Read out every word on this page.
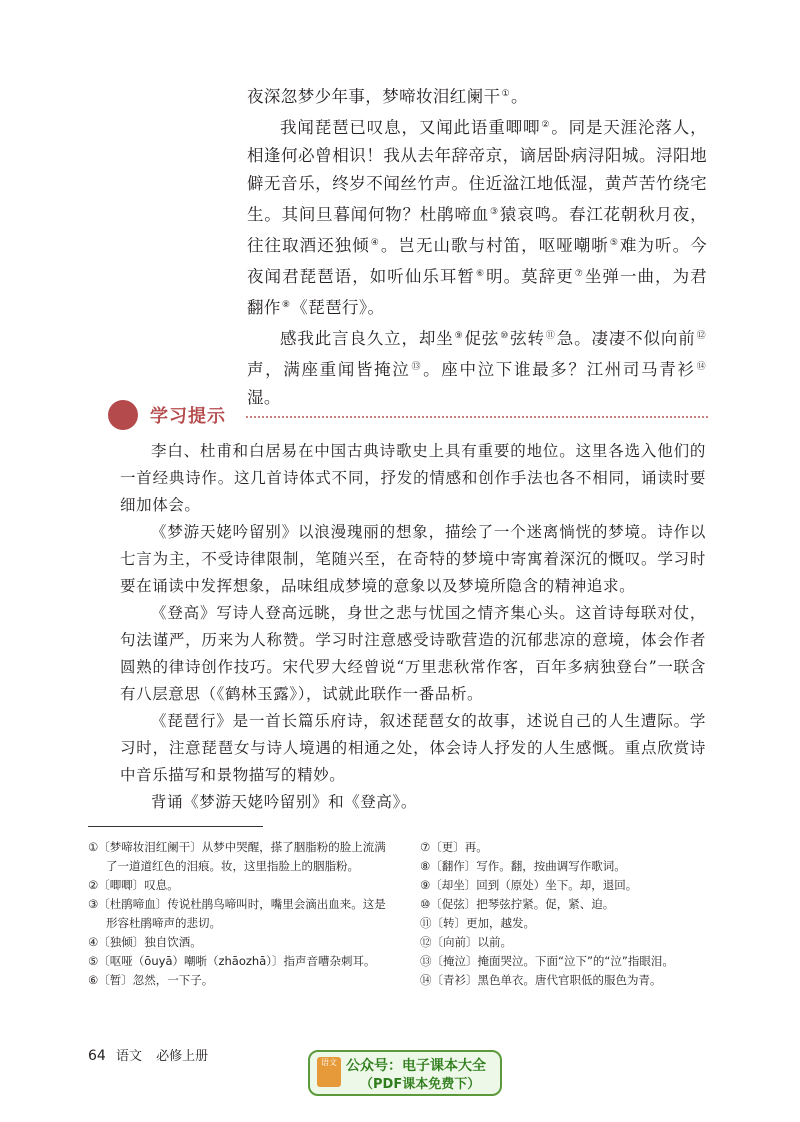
夜深忽梦少年事，梦啼妆泪红阑干①。

我闻琵琶已叹息，又闻此语重唧唧②。同是天涯沦落人，相逢何必曾相识！我从去年辞帝京，谪居卧病浔阳城。浔阳地僻无音乐，终岁不闻丝竹声。住近湓江地低湿，黄芦苦竹绕宅生。其间旦暮闻何物？杜鹃啼血③猿哀鸣。春江花朝秋月夜，往往取酒还独倾④。岂无山歌与村笛，呕哑嘲哳⑤难为听。今夜闻君琵琶语，如听仙乐耳暂⑥明。莫辞更⑦坐弹一曲，为君翻作⑧《琵琶行》。

感我此言良久立，却坐⑨促弦⑩弦转⑪急。凄凄不似向前⑫声，满座重闻皆掩泣⑬。座中泣下谁最多？江州司马青衫⑭湿。

学习提示

李白、杜甫和白居易在中国古典诗歌史上具有重要的地位。这里各选入他们的一首经典诗作。这几首诗体式不同，抒发的情感和创作手法也各不相同，诵读时要细加体会。

《梦游天姥吟留别》以浪漫瑰丽的想象，描绘了一个迷离惝恍的梦境。诗作以七言为主，不受诗律限制，笔随兴至，在奇特的梦境中寄寓着深沉的慨叹。学习时要在诵读中发挥想象，品味组成梦境的意象以及梦境所隐含的精神追求。

《登高》写诗人登高远眺，身世之悲与忧国之情齐集心头。这首诗每联对仗，句法谨严，历来为人称赞。学习时注意感受诗歌营造的沉郁悲凉的意境，体会作者圆熟的律诗创作技巧。宋代罗大经曾说“万里悲秋常作客，百年多病独登台”一联含有八层意思（《鹤林玉露》），试就此联作一番品析。

《琵琶行》是一首长篇乐府诗，叙述琵琶女的故事，述说自己的人生遭际。学习时，注意琵琶女与诗人境遇的相通之处，体会诗人抒发的人生感慨。重点欣赏诗中音乐描写和景物描写的精妙。

背诵《梦游天姥吟留别》和《登高》。

①〔梦啼妆泪红阑干〕从梦中哭醒，搽了胭脂粉的脸上流满了一道道红色的泪痕。妆，这里指脸上的胭脂粉。
②〔唧唧〕叹息。
③〔杜鹃啼血〕传说杜鹃鸟啼叫时，嘴里会滴出血来。这是形容杜鹃啼声的悲切。
④〔独倾〕独自饮酒。
⑤〔呕哑（ōuyā）嘲哳（zhāozhā）〕指声音嘈杂刺耳。
⑥〔暂〕忽然，一下子。
⑦〔更〕再。
⑧〔翻作〕写作。翻，按曲调写作歌词。
⑨〔却坐〕回到（原处）坐下。却，退回。
⑩〔促弦〕把琴弦拧紧。促，紧、迫。
⑪〔转〕更加，越发。
⑫〔向前〕以前。
⑬〔掩泣〕掩面哭泣。下面“泣下”的“泣”指眼泪。
⑭〔青衫〕黑色单衣。唐代官职低的服色为青。
64 语文 必修上册	语文 公众号：电子课本大全
（PDF课本免费下）
